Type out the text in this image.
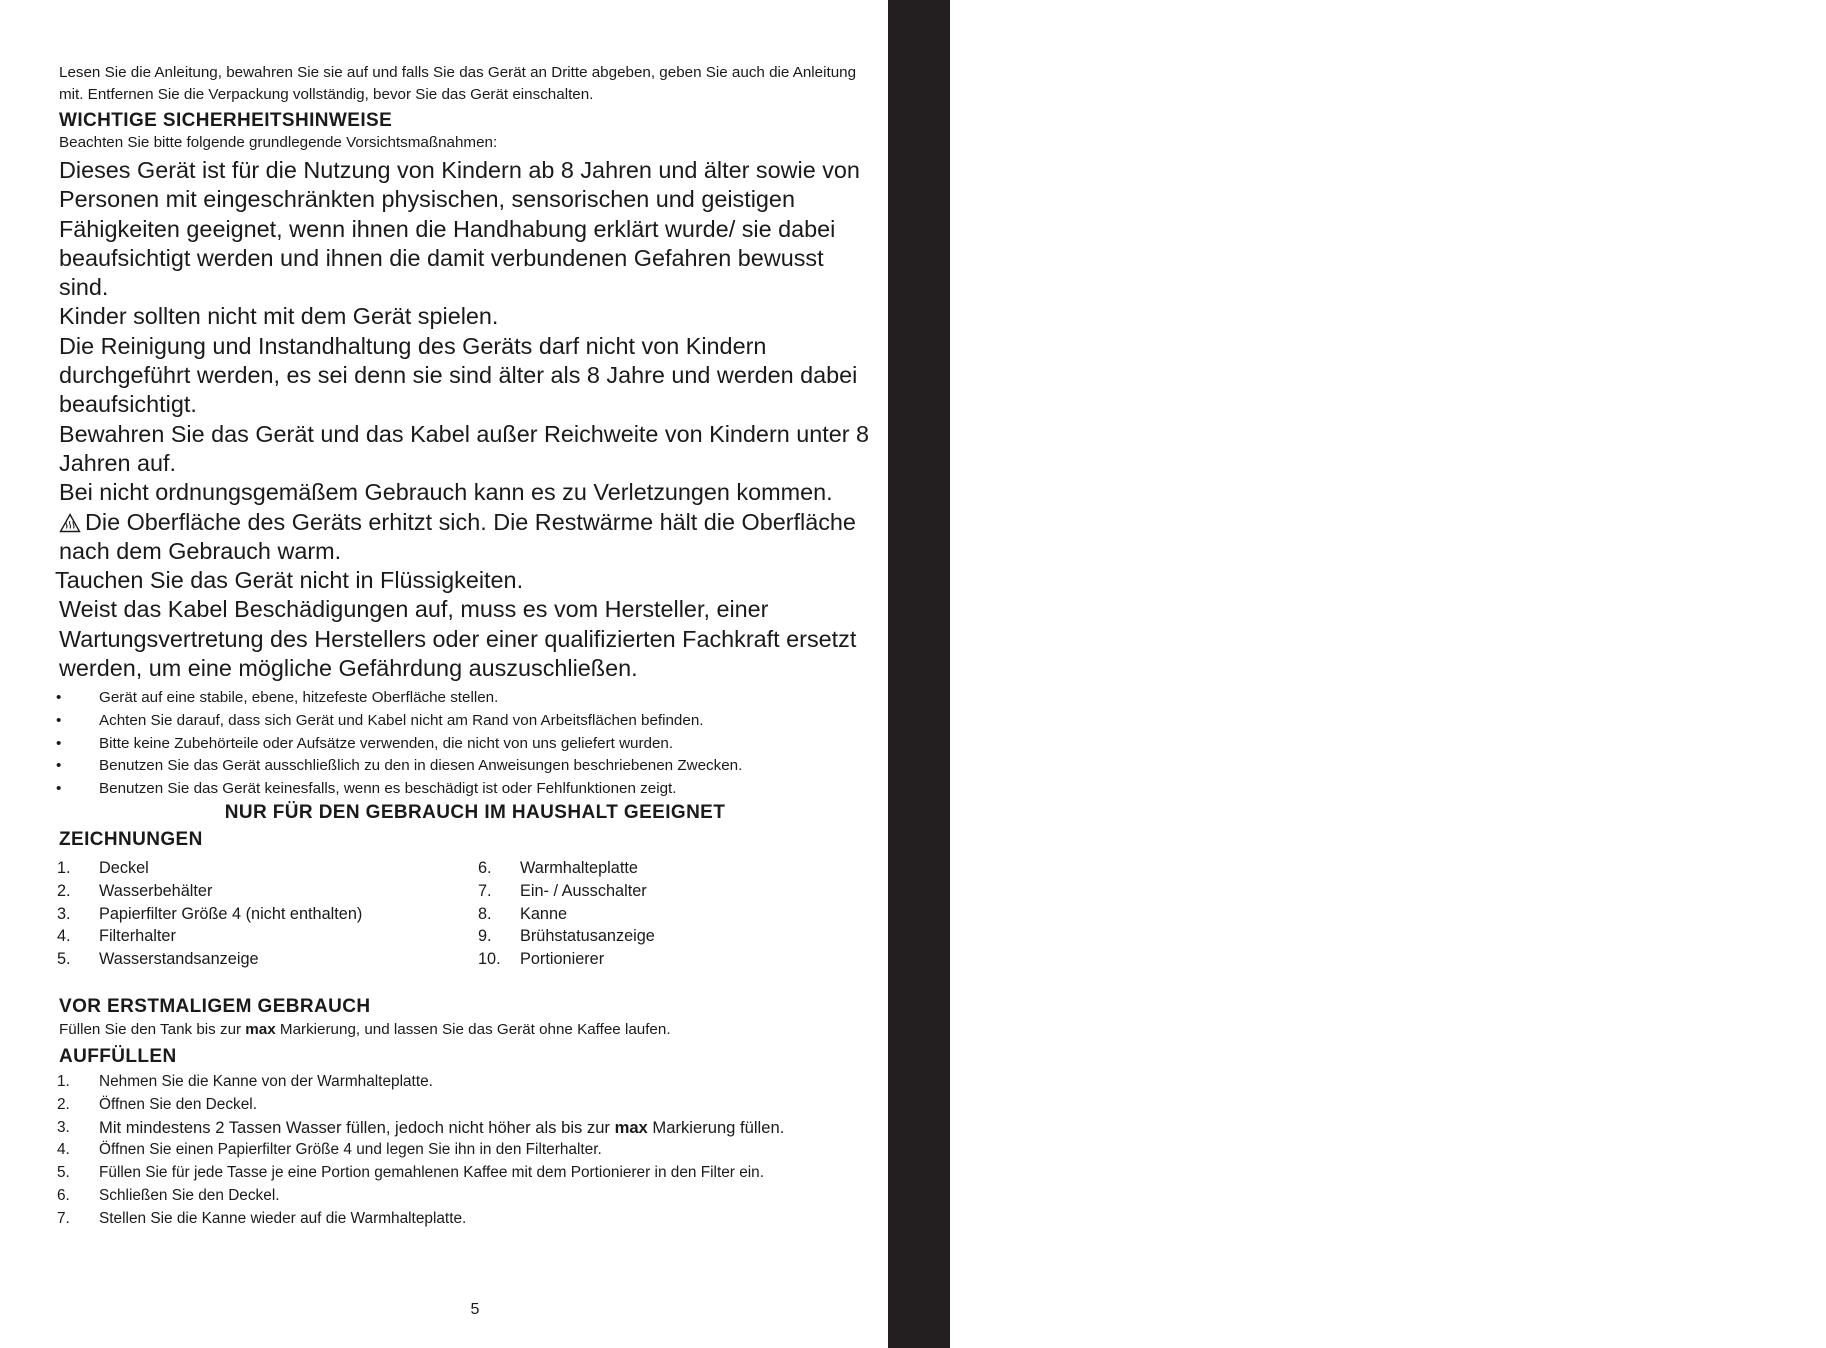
Bedienungsanleitung
Lesen Sie die Anleitung, bewahren Sie sie auf und falls Sie das Gerät an Dritte abgeben, geben Sie auch die Anleitung mit. Entfernen Sie die Verpackung vollständig, bevor Sie das Gerät einschalten.
WICHTIGE SICHERHEITSHINWEISE
Beachten Sie bitte folgende grundlegende Vorsichtsmaßnahmen:

Dieses Gerät ist für die Nutzung von Kindern ab 8 Jahren und älter sowie von Personen mit eingeschränkten physischen, sensorischen und geistigen Fähigkeiten geeignet, wenn ihnen die Handhabung erklärt wurde/ sie dabei beaufsichtigt werden und ihnen die damit verbundenen Gefahren bewusst sind.

Kinder sollten nicht mit dem Gerät spielen.

Die Reinigung und Instandhaltung des Geräts darf nicht von Kindern durchgeführt werden, es sei denn sie sind älter als 8 Jahre und werden dabei beaufsichtigt.

Bewahren Sie das Gerät und das Kabel außer Reichweite von Kindern unter 8 Jahren auf.

Bei nicht ordnungsgemäßem Gebrauch kann es zu Verletzungen kommen.

Die Oberfläche des Geräts erhitzt sich. Die Restwärme hält die Oberfläche nach dem Gebrauch warm.

Tauchen Sie das Gerät nicht in Flüssigkeiten.

Weist das Kabel Beschädigungen auf, muss es vom Hersteller, einer Wartungsvertretung des Herstellers oder einer qualifizierten Fachkraft ersetzt werden, um eine mögliche Gefährdung auszuschließen.

•	Gerät auf eine stabile, ebene, hitzefeste Oberfläche stellen.
•	Achten Sie darauf, dass sich Gerät und Kabel nicht am Rand von Arbeitsflächen befinden.
•	Bitte keine Zubehörteile oder Aufsätze verwenden, die nicht von uns geliefert wurden.
•	Benutzen Sie das Gerät ausschließlich zu den in diesen Anweisungen beschriebenen Zwecken.
•	Benutzen Sie das Gerät keinesfalls, wenn es beschädigt ist oder Fehlfunktionen zeigt.
NUR FÜR DEN GEBRAUCH IM HAUSHALT GEEIGNET
ZEICHNUNGEN
1.	Deckel
2.	Wasserbehälter
3.	Papierfilter Größe 4 (nicht enthalten)
4.	Filterhalter
5.	Wasserstandsanzeige
6.	Warmhalteplatte
7.	Ein- / Ausschalter
8.	Kanne
9.	Brühstatusanzeige
10.	Portionierer
VOR ERSTMALIGEM GEBRAUCH
Füllen Sie den Tank bis zur max Markierung, und lassen Sie das Gerät ohne Kaffee laufen.
AUFFÜLLEN
1.	Nehmen Sie die Kanne von der Warmhalteplatte.
2.	Öffnen Sie den Deckel.
3.	Mit mindestens 2 Tassen Wasser füllen, jedoch nicht höher als bis zur max Markierung füllen.
4.	Öffnen Sie einen Papierfilter Größe 4 und legen Sie ihn in den Filterhalter.
5.	Füllen Sie für jede Tasse je eine Portion gemahlenen Kaffee mit dem Portionierer in den Filter ein.
6.	Schließen Sie den Deckel.
7.	Stellen Sie die Kanne wieder auf die Warmhalteplatte.
5
